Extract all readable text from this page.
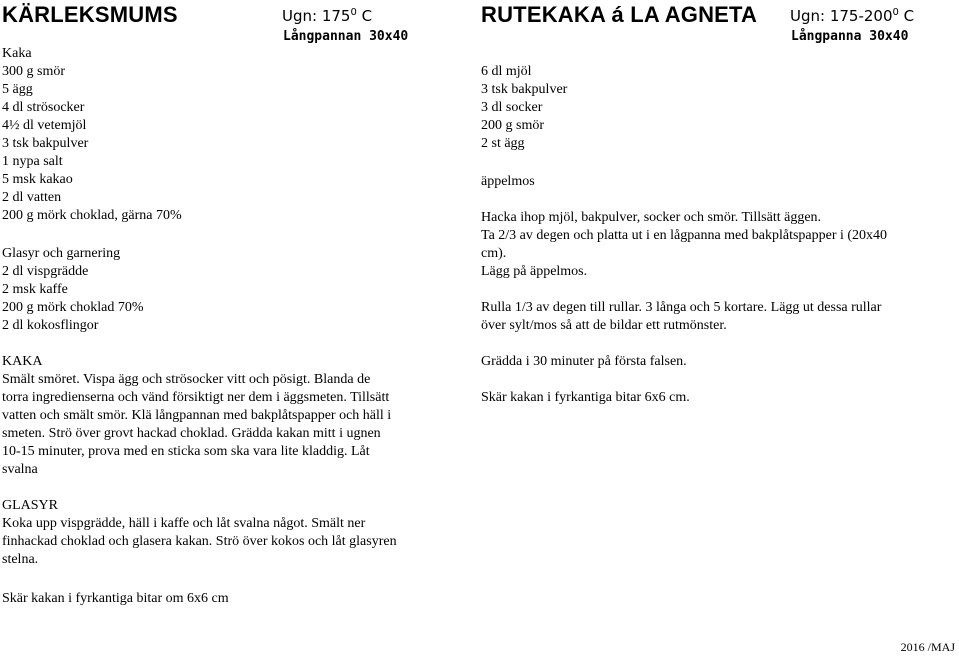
KÄRLEKSMUMS	Ugn: $175^0$ C
Långpannan 30x40
Kaka
300 g smör
5 ägg
4 dl strösocker
4½ dl vetemjöl
3 tsk bakpulver
1 nypa salt
5 msk kakao
2 dl vatten
200 g mörk choklad, gärna 70%
Glasyr och garnering
2 dl vispgrädde
2 msk kaffe
200 g mörk choklad 70%
2 dl kokosflingor
KAKA
Smält smöret. Vispa ägg och strösocker vitt och pösigt. Blanda de
torra ingredienserna och vänd försiktigt ner dem i äggsmeten. Tillsätt
vatten och smält smör. Klä långpannan med bakplåtspapper och häll i
smeten. Strö över grovt hackad choklad. Grädda kakan mitt i ugnen
10-15 minuter, prova med en sticka som ska vara lite kladdig. Låt
svalna
GLASYR
Koka upp vispgrädde, häll i kaffe och låt svalna något. Smält ner
finhackad choklad och glasera kakan. Strö över kokos och låt glasyren
stelna.
Skär kakan i fyrkantiga bitar om 6x6 cm
RUTEKAKA á LA AGNETA Ugn: $175-200^0$ C
Långpanna 30x40
6 dl mjöl
3 tsk bakpulver
3 dl socker
200 g smör
2 st ägg
äppelmos
Hacka ihop mjöl, bakpulver, socker och smör. Tillsätt äggen.
Ta 2/3 av degen och platta ut i en lågpanna med bakplåtspapper i (20x40
cm).
Lägg på äppelmos.
Rulla 1/3 av degen till rullar. 3 långa och 5 kortare. Lägg ut dessa rullar
över sylt/mos så att de bildar ett rutmönster.
Grädda i 30 minuter på första falsen.
Skär kakan i fyrkantiga bitar 6x6 cm.
2016 /MAJ
